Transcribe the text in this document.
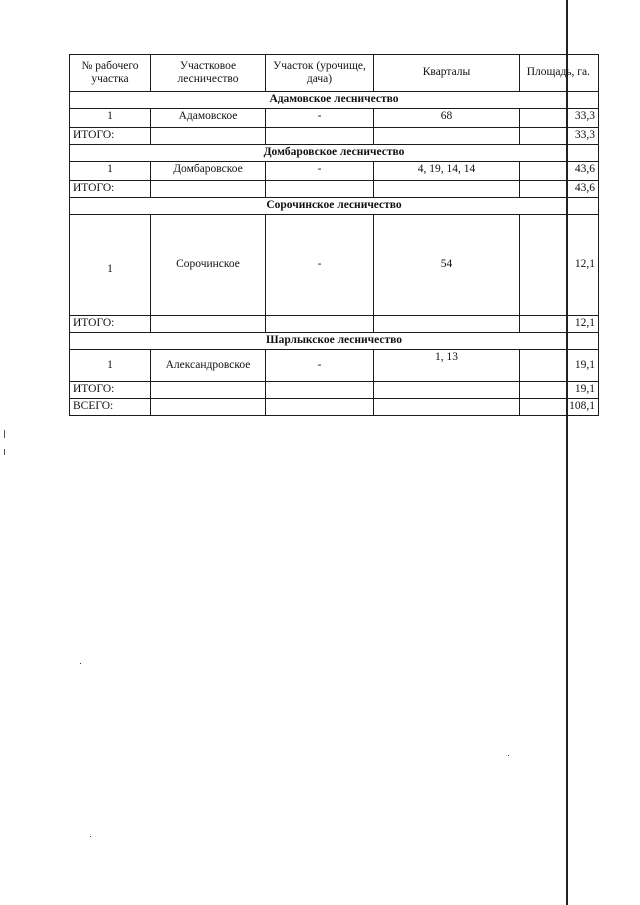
№ рабочего участка	Участковое лесничество	Участок (урочище, дача)	Кварталы	Площадь, га.
Адамовское лесничество				
1	Адамовское	-	68	33,3
ИТОГО:				33,3
Домбаровское лесничество				
1	Домбаровское	-	4, 19, 14, 14	43,6
ИТОГО:				43,6
Сорочинское лесничество				
1	Сорочинское	-	54	12,1
ИТОГО:				12,1
Шарлыкское лесничество				
1	Александровское	-	1, 13	19,1
ИТОГО:				19,1
ВСЕГО:				108,1
